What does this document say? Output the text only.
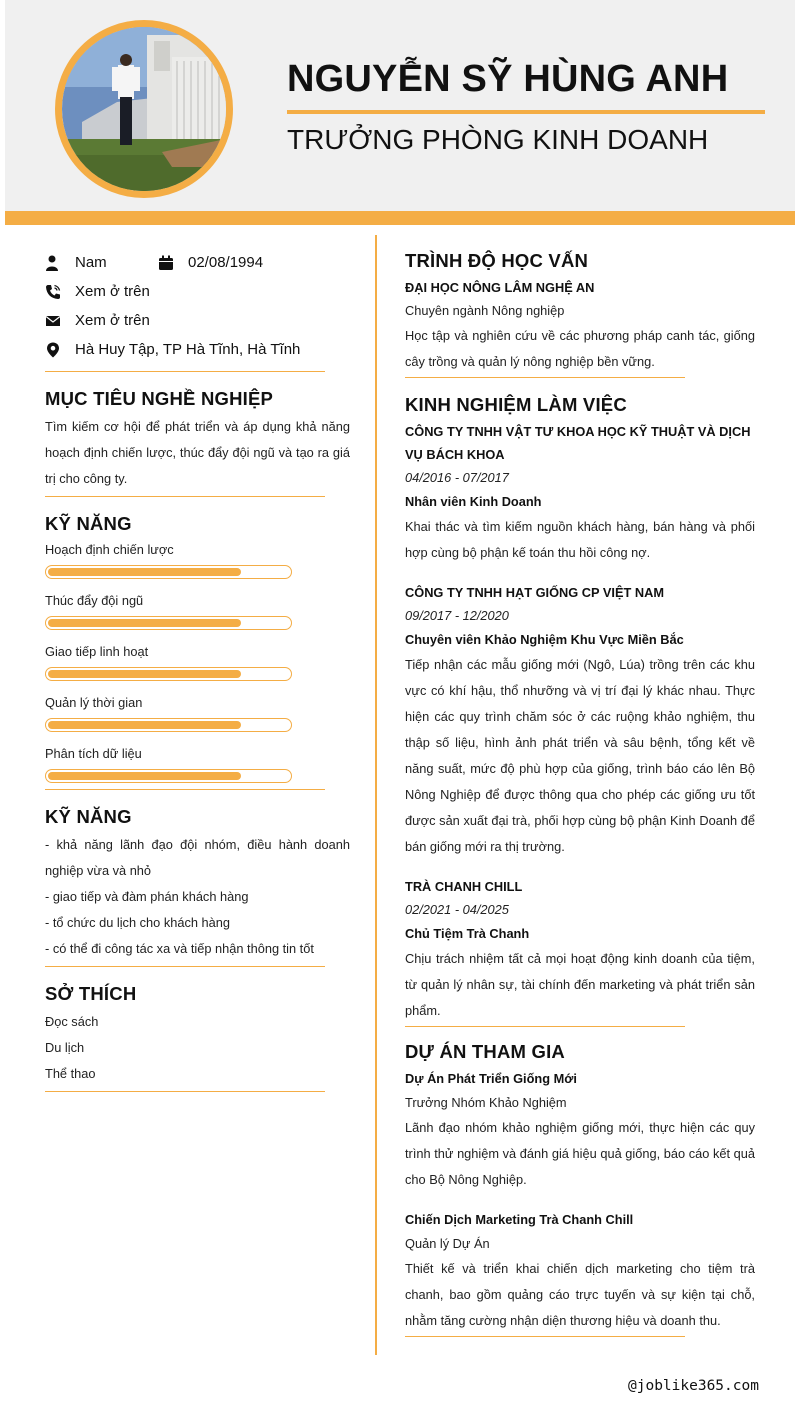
NGUYỄN SỸ HÙNG ANH
TRƯỞNG PHÒNG KINH DOANH
Nam	02/08/1994
Xem ở trên
Xem ở trên
Hà Huy Tập, TP Hà Tĩnh, Hà Tĩnh
MỤC TIÊU NGHỀ NGHIỆP
Tìm kiếm cơ hội để phát triển và áp dụng khả năng hoạch định chiến lược, thúc đẩy đội ngũ và tạo ra giá trị cho công ty.
KỸ NĂNG
Hoạch định chiến lược
Thúc đẩy đội ngũ
Giao tiếp linh hoạt
Quản lý thời gian
Phân tích dữ liệu
KỸ NĂNG
- khả năng lãnh đạo đội nhóm, điều hành doanh nghiệp vừa và nhỏ
- giao tiếp và đàm phán khách hàng
- tổ chức du lịch cho khách hàng
- có thể đi công tác xa và tiếp nhận thông tin tốt
SỞ THÍCH
Đọc sách
Du lịch
Thể thao
TRÌNH ĐỘ HỌC VẤN
ĐẠI HỌC NÔNG LÂM NGHỆ AN
Chuyên ngành Nông nghiệp
Học tập và nghiên cứu về các phương pháp canh tác, giống cây trồng và quản lý nông nghiệp bền vững.
KINH NGHIỆM LÀM VIỆC
CÔNG TY TNHH VẬT TƯ KHOA HỌC KỸ THUẬT VÀ DỊCH VỤ BÁCH KHOA
04/2016 - 07/2017
Nhân viên Kinh Doanh
Khai thác và tìm kiếm nguồn khách hàng, bán hàng và phối hợp cùng bộ phận kế toán thu hồi công nợ.
CÔNG TY TNHH HẠT GIỐNG CP VIỆT NAM
09/2017 - 12/2020
Chuyên viên Khảo Nghiệm Khu Vực Miền Bắc
Tiếp nhận các mẫu giống mới (Ngô, Lúa) trồng trên các khu vực có khí hậu, thổ nhưỡng và vị trí đại lý khác nhau. Thực hiện các quy trình chăm sóc ở các ruộng khảo nghiệm, thu thập số liệu, hình ảnh phát triển và sâu bệnh, tổng kết về năng suất, mức độ phù hợp của giống, trình báo cáo lên Bộ Nông Nghiệp để được thông qua cho phép các giống ưu tốt được sản xuất đại trà, phối hợp cùng bộ phận Kinh Doanh để bán giống mới ra thị trường.
TRÀ CHANH CHILL
02/2021 - 04/2025
Chủ Tiệm Trà Chanh
Chịu trách nhiệm tất cả mọi hoạt động kinh doanh của tiệm, từ quản lý nhân sự, tài chính đến marketing và phát triển sản phẩm.
DỰ ÁN THAM GIA
Dự Án Phát Triển Giống Mới
Trưởng Nhóm Khảo Nghiệm
Lãnh đạo nhóm khảo nghiệm giống mới, thực hiện các quy trình thử nghiệm và đánh giá hiệu quả giống, báo cáo kết quả cho Bộ Nông Nghiệp.
Chiến Dịch Marketing Trà Chanh Chill
Quản lý Dự Án
Thiết kế và triển khai chiến dịch marketing cho tiệm trà chanh, bao gồm quảng cáo trực tuyến và sự kiện tại chỗ, nhằm tăng cường nhận diện thương hiệu và doanh thu.
@joblike365.com
